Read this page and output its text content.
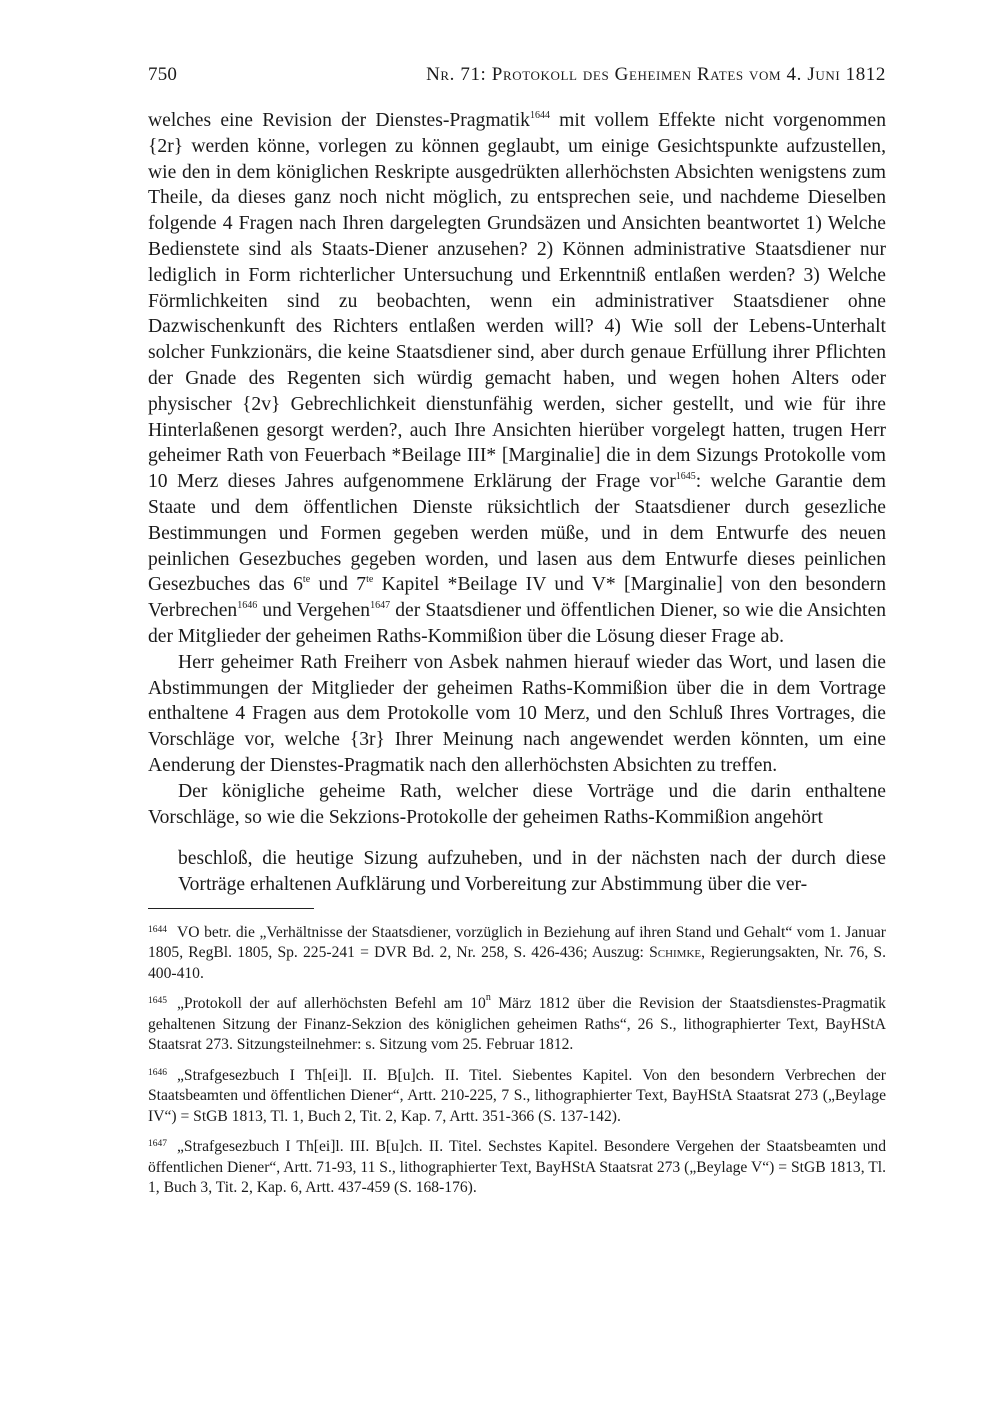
750	Nr. 71: Protokoll des Geheimen Rates vom 4. Juni 1812

welches eine Revision der Dienstes-Pragmatik$^{1644}$ mit vollem Effekte nicht vorgenommen {2r} werden könne, vorlegen zu können geglaubt, um einige Gesichtspunkte aufzustellen, wie den in dem königlichen Reskripte ausgedrükten allerhöchsten Absichten wenigstens zum Theile, da dieses ganz noch nicht möglich, zu entsprechen seie, und nachdeme Dieselben folgende 4 Fragen nach Ihren dargelegten Grundsäzen und Ansichten beantwortet 1) Welche Bedienstete sind als Staats-Diener anzusehen? 2) Können administrative Staatsdiener nur lediglich in Form richterlicher Untersuchung und Erkenntniß entlaßen werden? 3) Welche Förmlichkeiten sind zu beobachten, wenn ein administrativer Staatsdiener ohne Dazwischenkunft des Richters entlaßen werden will? 4) Wie soll der Lebens-Unterhalt solcher Funkzionärs, die keine Staatsdiener sind, aber durch genaue Erfüllung ihrer Pflichten der Gnade des Regenten sich würdig gemacht haben, und wegen hohen Alters oder physischer {2v} Gebrechlichkeit dienstunfähig werden, sicher gestellt, und wie für ihre Hinterlaßenen gesorgt werden?, auch Ihre Ansichten hierüber vorgelegt hatten, trugen Herr geheimer Rath von Feuerbach *Beilage III* [Marginalie] die in dem Sizungs Protokolle vom 10 Merz dieses Jahres aufgenommene Erklärung der Frage vor$^{1645}$: welche Garantie dem Staate und dem öffentlichen Dienste rüksichtlich der Staatsdiener durch gesezliche Bestimmungen und Formen gegeben werden müße, und in dem Entwurfe des neuen peinlichen Gesezbuches gegeben worden, und lasen aus dem Entwurfe dieses peinlichen Gesezbuches das $6^{te}$ und $7^{te}$ Kapitel *Beilage IV und V* [Marginalie] von den besondern Verbrechen$^{1646}$ und Vergehen$^{1647}$ der Staatsdiener und öffentlichen Diener, so wie die Ansichten der Mitglieder der geheimen Raths-Kommißion über die Lösung dieser Frage ab.

Herr geheimer Rath Freiherr von Asbek nahmen hierauf wieder das Wort, und lasen die Abstimmungen der Mitglieder der geheimen Raths-Kommißion über die in dem Vortrage enthaltene 4 Fragen aus dem Protokolle vom 10 Merz, und den Schluß Ihres Vortrages, die Vorschläge vor, welche {3r} Ihrer Meinung nach angewendet werden könnten, um eine Aenderung der Dienstes-Pragmatik nach den allerhöchsten Absichten zu treffen.

Der königliche geheime Rath, welcher diese Vorträge und die darin enthaltene Vorschläge, so wie die Sekzions-Protokolle der geheimen Raths-Kommißion angehört

beschloß, die heutige Sizung aufzuheben, und in der nächsten nach der durch diese Vorträge erhaltenen Aufklärung und Vorbereitung zur Abstimmung über die ver-

$^{1644}$ VO betr. die „Verhältnisse der Staatsdiener, vorzüglich in Beziehung auf ihren Stand und Gehalt“ vom 1. Januar 1805, RegBl. 1805, Sp. 225-241 = DVR Bd. 2, Nr. 258, S. 426-436; Auszug: Schimke, Regierungsakten, Nr. 76, S. 400-410.

$^{1645}$ „Protokoll der auf allerhöchsten Befehl am 10$^n$ März 1812 über die Revision der Staatsdienstes-Pragmatik gehaltenen Sitzung der Finanz-Sekzion des königlichen geheimen Raths“, 26 S., lithographierter Text, BayHStA Staatsrat 273. Sitzungsteilnehmer: s. Sitzung vom 25. Februar 1812.

$^{1646}$ „Strafgesezbuch I Th[ei]l. II. B[u]ch. II. Titel. Siebentes Kapitel. Von den besondern Verbrechen der Staatsbeamten und öffentlichen Diener“, Artt. 210-225, 7 S., lithographierter Text, BayHStA Staatsrat 273 („Beylage IV“) = StGB 1813, Tl. 1, Buch 2, Tit. 2, Kap. 7, Artt. 351-366 (S. 137-142).

$^{1647}$ „Strafgesezbuch I Th[ei]l. III. B[u]ch. II. Titel. Sechstes Kapitel. Besondere Vergehen der Staatsbeamten und öffentlichen Diener“, Artt. 71-93, 11 S., lithographierter Text, BayHStA Staatsrat 273 („Beylage V“) = StGB 1813, Tl. 1, Buch 3, Tit. 2, Kap. 6, Artt. 437-459 (S. 168-176).
